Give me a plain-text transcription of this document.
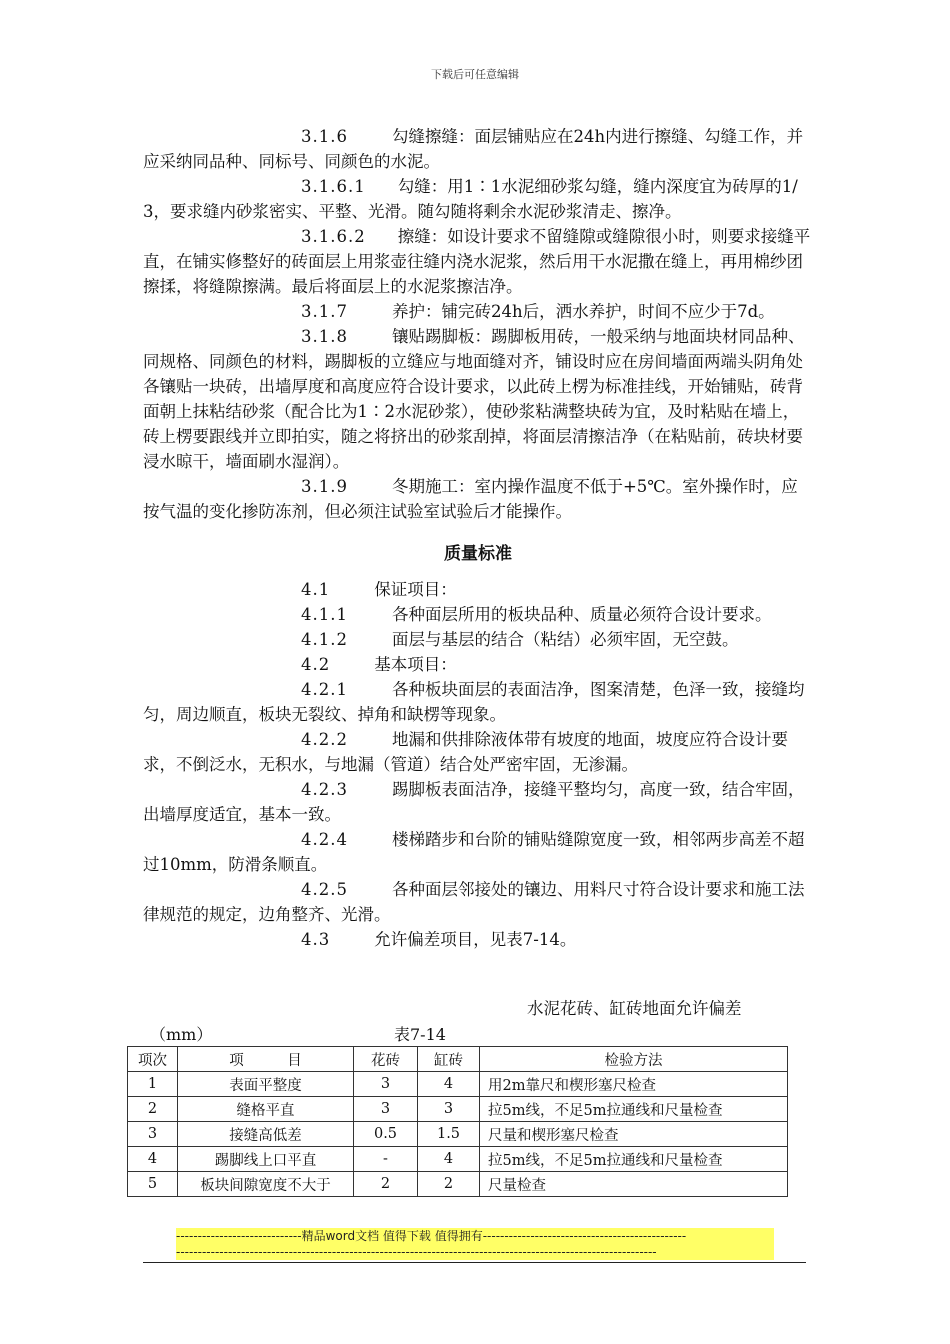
下载后可任意编辑

3.1.6	勾缝擦缝：面层铺贴应在24h内进行擦缝、勾缝工作，并应采纳同品种、同标号、同颜色的水泥。

3.1.6.1 勾缝：用1∶1水泥细砂浆勾缝，缝内深度宜为砖厚的1/3，要求缝内砂浆密实、平整、光滑。随勾随将剩余水泥砂浆清走、擦净。

3.1.6.2 擦缝：如设计要求不留缝隙或缝隙很小时，则要求接缝平直，在铺实修整好的砖面层上用浆壶往缝内浇水泥浆，然后用干水泥撒在缝上，再用棉纱团擦揉，将缝隙擦满。最后将面层上的水泥浆擦洁净。

3.1.7	养护：铺完砖24h后，洒水养护，时间不应少于7d。

3.1.8	镶贴踢脚板：踢脚板用砖，一般采纳与地面块材同品种、同规格、同颜色的材料，踢脚板的立缝应与地面缝对齐，铺设时应在房间墙面两端头阴角处各镶贴一块砖，出墙厚度和高度应符合设计要求，以此砖上楞为标准挂线，开始铺贴，砖背面朝上抹粘结砂浆（配合比为1∶2水泥砂浆），使砂浆粘满整块砖为宜，及时粘贴在墙上，砖上楞要跟线并立即拍实，随之将挤出的砂浆刮掉，将面层清擦洁净（在粘贴前，砖块材要浸水晾干，墙面刷水湿润）。

3.1.9	冬期施工：室内操作温度不低于+5℃。室外操作时，应按气温的变化掺防冻剂，但必须注试验室试验后才能操作。

质量标准

4.1	保证项目：

4.1.1	各种面层所用的板块品种、质量必须符合设计要求。

4.1.2	面层与基层的结合（粘结）必须牢固，无空鼓。

4.2	基本项目：

4.2.1	各种板块面层的表面洁净，图案清楚，色泽一致，接缝均匀，周边顺直，板块无裂纹、掉角和缺楞等现象。

4.2.2	地漏和供排除液体带有坡度的地面，坡度应符合设计要求，不倒泛水，无积水，与地漏（管道）结合处严密牢固，无渗漏。

4.2.3	踢脚板表面洁净，接缝平整均匀，高度一致，结合牢固，出墙厚度适宜，基本一致。

4.2.4	楼梯踏步和台阶的铺贴缝隙宽度一致，相邻两步高差不超过10mm，防滑条顺直。

4.2.5	各种面层邻接处的镶边、用料尺寸符合设计要求和施工法律规范的规定，边角整齐、光滑。

4.3	允许偏差项目，见表7-14。

水泥花砖、缸砖地面允许偏差
（mm）	表7-14
项次	项　　　目	花砖	缸砖	检验方法
1	表面平整度	3	4	用2m靠尺和楔形塞尺检查
2	缝格平直	3	3	拉5m线，不足5m拉通线和尺量检查
3	接缝高低差	0.5	1.5	尺量和楔形塞尺检查
4	踢脚线上口平直	-	4	拉5m线，不足5m拉通线和尺量检查
5	板块间隙宽度不大于	2	2	尺量检查
-----------------------------精品word文档 值得下载 值得拥有-----------------------------------------------
---------------------------------------------------------------------------------------------------------------
